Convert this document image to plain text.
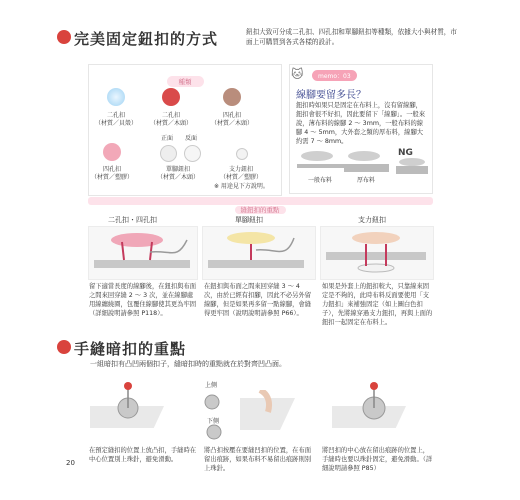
完美固定鈕扣的方式	鈕扣大致可分成二孔扣、四孔扣和單腳鈕扣等種類，依據大小與材質，市面上可購買到各式各樣的設計。
種類
二孔扣
（材質／貝殼）
二孔扣
（材質／木頭）
四孔扣
（材質／木頭）
正面	反面
四孔扣
（材質／塑膠）
單腳鈕扣
（材質／木頭）
支力鈕扣
（材質／塑膠）
※ 用途見下方說明。
🐱	memo：03
線腳要留多長？
鈕扣時如果只是固定在布料上，沒有留線腳，鈕扣會很不好扣，因此要留下「線腳」。一般來說，薄布料的線腳 2 ～ 3mm，一般布料的線腳 4 ～ 5mm，大外套之類的厚布料，線腳大約需 7 ～ 8mm。
NG
一般布料	厚布料
縫鈕扣的重點
二孔扣・四孔扣	單腳鈕扣	支力鈕扣
留下適當長度的線腳後，在鈕扣與布面之間來回穿縫 2 ～ 3 次，並在線腳處用線纏繞圈，包覆住線腳使其更為牢固（詳細說明請參照 P118）。
在鈕扣與布面之間來回穿縫 3 ～ 4 次，由於已經有扣腳，因此不必另外留線腳，但是如果再多留一點線腳，會縫得更牢固（說明說明請參照 P66）。
如果是外套上的鈕扣較大，只靠線來固定是不夠的，此時布料反面要使用「支力鈕扣」來補強固定（如上圖白色扣子），先將線穿過支力鈕扣，再與上面的鈕扣一起固定在布料上。
手縫暗扣的重點
一組暗扣有凸凹兩個扣子，縫暗扣時的重點就在於對齊凹凸面。
上側
下側
在預定縫扣的位置上放凸扣，手縫時在中心位置別上珠針，避免滑動。
將凸扣按壓在要縫凹扣的位置，在布面留出痕跡，如果布料不易留出痕跡則別上珠針。
將凹扣的中心放在留出痕跡的位置上，手縫時也要以珠針固定，避免滑動。（詳細說明請參照 P85）
20
